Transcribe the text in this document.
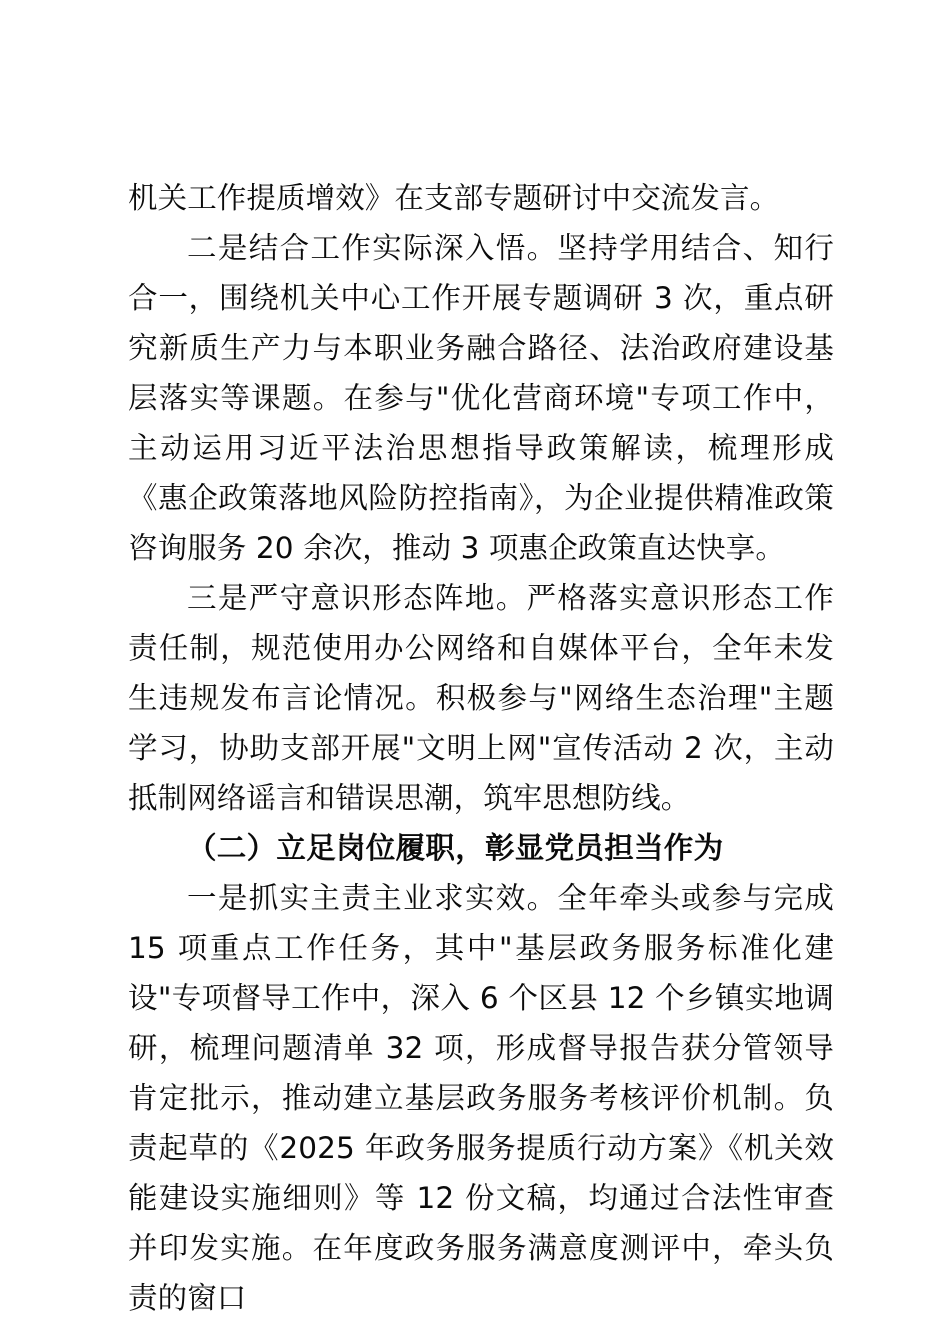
机关工作提质增效》在支部专题研讨中交流发言。

二是结合工作实际深入悟。坚持学用结合、知行合一，围绕机关中心工作开展专题调研 3 次，重点研究新质生产力与本职业务融合路径、法治政府建设基层落实等课题。在参与"优化营商环境"专项工作中，主动运用习近平法治思想指导政策解读，梳理形成《惠企政策落地风险防控指南》，为企业提供精准政策咨询服务 20 余次，推动 3 项惠企政策直达快享。

三是严守意识形态阵地。严格落实意识形态工作责任制，规范使用办公网络和自媒体平台，全年未发生违规发布言论情况。积极参与"网络生态治理"主题学习，协助支部开展"文明上网"宣传活动 2 次，主动抵制网络谣言和错误思潮，筑牢思想防线。

（二）立足岗位履职，彰显党员担当作为

一是抓实主责主业求实效。全年牵头或参与完成 15 项重点工作任务，其中"基层政务服务标准化建设"专项督导工作中，深入 6 个区县 12 个乡镇实地调研，梳理问题清单 32 项，形成督导报告获分管领导肯定批示，推动建立基层政务服务考核评价机制。负责起草的《2025 年政务服务提质行动方案》《机关效能建设实施细则》等 12 份文稿，均通过合法性审查并印发实施。在年度政务服务满意度测评中，牵头负责的窗口
